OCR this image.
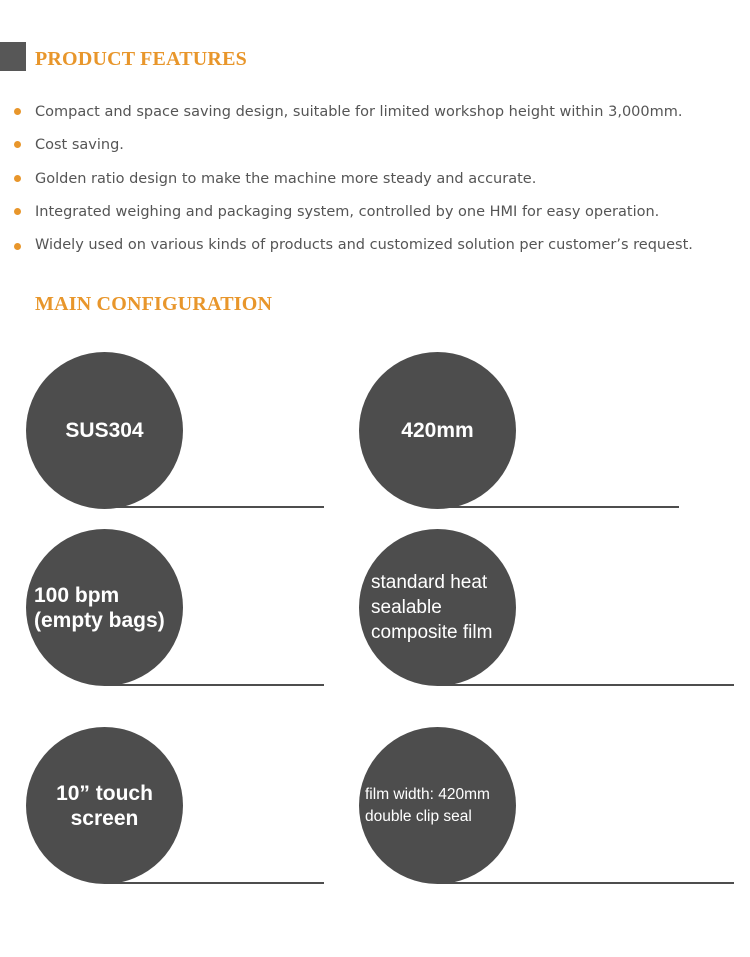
PRODUCT FEATURES
Compact and space saving design, suitable for limited workshop height within 3,000mm.
Cost saving.
Golden ratio design to make the machine more steady and accurate.
Integrated weighing and packaging system, controlled by one HMI for easy operation.
Widely used on various kinds of products and customized solution per customer’s request.
MAIN CONFIGURATION
SUS304	420mm
100 bpm
(empty bags)
standard heat
sealable
composite film
10” touch
screen
film width: 420mm
double clip seal
